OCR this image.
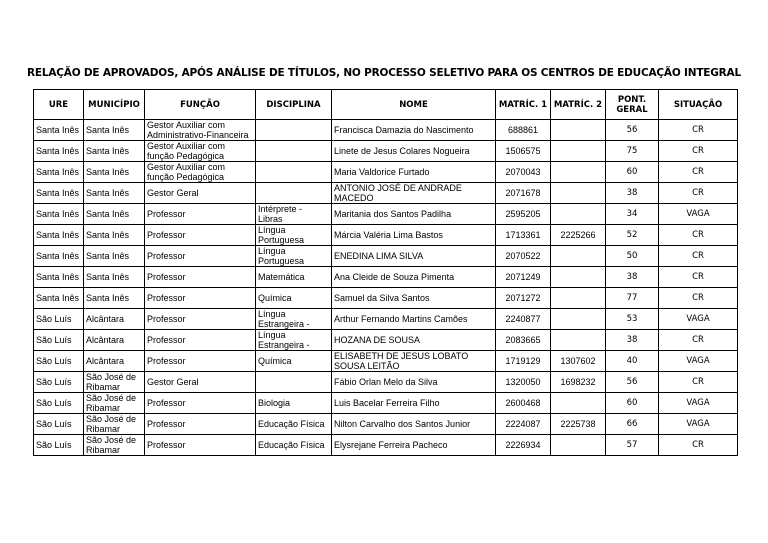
RELAÇÃO DE APROVADOS, APÓS ANÁLISE DE TÍTULOS, NO PROCESSO SELETIVO PARA OS CENTROS DE EDUCAÇÃO INTEGRAL
URE	MUNICÍPIO	FUNÇÃO	DISCIPLINA	NOME	MATRÍC. 1	MATRÍC. 2	PONT. GERAL	SITUAÇÃO
Santa Inês	Santa Inês	Gestor Auxiliar com Administrativo-Financeira		Francisca Damazia do Nascimento	688861		56	CR
Santa Inês	Santa Inês	Gestor Auxiliar com função Pedagógica		Linete de Jesus Colares Nogueira	1506575		75	CR
Santa Inês	Santa Inês	Gestor Auxiliar com função Pedagógica		Maria Valdorice Furtado	2070043		60	CR
Santa Inês	Santa Inês	Gestor Geral		ANTONIO JOSÉ DE ANDRADE MACEDO	2071678		38	CR
Santa Inês	Santa Inês	Professor	Intérprete - Libras	Maritania dos Santos Padilha	2595205		34	VAGA
Santa Inês	Santa Inês	Professor	Língua Portuguesa	Márcia Valéria Lima Bastos	1713361	2225266	52	CR
Santa Inês	Santa Inês	Professor	Língua Portuguesa	ENEDINA LIMA SILVA	2070522		50	CR
Santa Inês	Santa Inês	Professor	Matemática	Ana Cleide de Souza Pimenta	2071249		38	CR
Santa Inês	Santa Inês	Professor	Química	Samuel da Silva Santos	2071272		77	CR
São Luís	Alcântara	Professor	Língua Estrangeira -	Arthur Fernando Martins Camões	2240877		53	VAGA
São Luís	Alcântara	Professor	Língua Estrangeira -	HOZANA DE SOUSA	2083665		38	CR
São Luís	Alcântara	Professor	Química	ELISABETH DE JESUS LOBATO SOUSA LEITÃO	1719129	1307602	40	VAGA
São Luís	São José de Ribamar	Gestor Geral		Fábio Orlan Melo da Silva	1320050	1698232	56	CR
São Luís	São José de Ribamar	Professor	Biologia	Luis Bacelar Ferreira Filho	2600468		60	VAGA
São Luís	São José de Ribamar	Professor	Educação Física	Nilton Carvalho dos Santos Junior	2224087	2225738	66	VAGA
São Luís	São José de Ribamar	Professor	Educação Física	Elysrejane Ferreira Pacheco	2226934		57	CR
